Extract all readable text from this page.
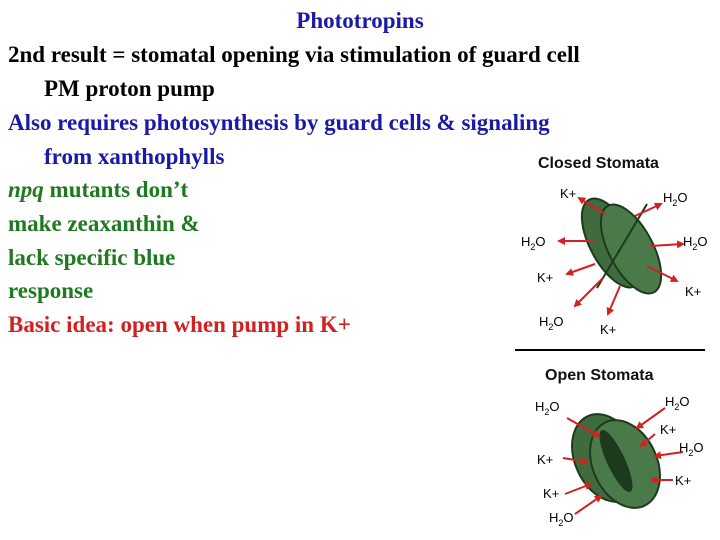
Phototropins
2nd result = stomatal opening via stimulation of guard cell
PM proton pump
Also requires photosynthesis by guard cells & signaling
from xanthophylls
npq mutants don’t
make zeaxanthin &
lack specific blue
response
Basic idea: open when pump in K+
Closed Stomata
K+	$H_2O$
$H_2O$	$H_2O$
K+
K+
$H_2O$
K+
Open Stomata
$H_2O$	$H_2O$
K+
$H_2O$
K+
K+
K+
$H_2O$
